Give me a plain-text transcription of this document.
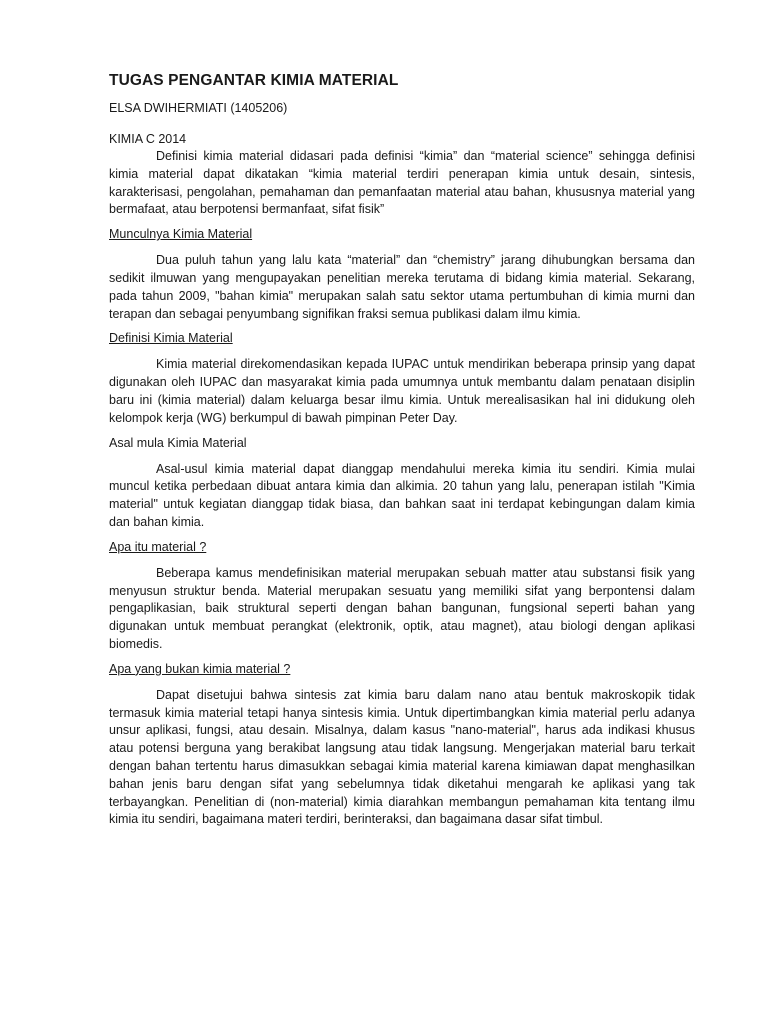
TUGAS PENGANTAR KIMIA MATERIAL

ELSA DWIHERMIATI (1405206)

KIMIA C 2014

Definisi kimia material didasari pada definisi “kimia” dan “material science” sehingga definisi kimia material dapat dikatakan “kimia material terdiri penerapan kimia untuk desain, sintesis, karakterisasi, pengolahan, pemahaman dan pemanfaatan material atau bahan, khususnya material yang bermafaat, atau berpotensi bermanfaat, sifat fisik”

Munculnya Kimia Material

Dua puluh tahun yang lalu kata “material” dan “chemistry” jarang dihubungkan bersama dan sedikit ilmuwan yang mengupayakan penelitian mereka terutama di bidang kimia material. Sekarang, pada tahun 2009, "bahan kimia" merupakan salah satu sektor utama pertumbuhan di kimia murni dan terapan dan sebagai penyumbang signifikan fraksi semua publikasi dalam ilmu kimia.

Definisi Kimia Material

Kimia material direkomendasikan kepada IUPAC untuk mendirikan beberapa prinsip yang dapat digunakan oleh IUPAC dan masyarakat kimia pada umumnya untuk membantu dalam penataan disiplin baru ini (kimia material) dalam keluarga besar ilmu kimia. Untuk merealisasikan hal ini didukung oleh kelompok kerja (WG) berkumpul di bawah pimpinan Peter Day.

Asal mula Kimia Material

Asal-usul kimia material dapat dianggap mendahului mereka kimia itu sendiri. Kimia mulai muncul ketika perbedaan dibuat antara kimia dan alkimia. 20 tahun yang lalu, penerapan istilah "Kimia material" untuk kegiatan dianggap tidak biasa, dan bahkan saat ini terdapat kebingungan dalam kimia dan bahan kimia.

Apa itu material ?

Beberapa kamus mendefinisikan material merupakan sebuah matter atau substansi fisik yang menyusun struktur benda. Material merupakan sesuatu yang memiliki sifat yang berpontensi dalam pengaplikasian, baik struktural seperti dengan bahan bangunan, fungsional seperti bahan yang digunakan untuk membuat perangkat (elektronik, optik, atau magnet), atau biologi dengan aplikasi biomedis.

Apa yang bukan kimia material ?

Dapat disetujui bahwa sintesis zat kimia baru dalam nano atau bentuk makroskopik tidak termasuk kimia material tetapi hanya sintesis kimia. Untuk dipertimbangkan kimia material perlu adanya unsur aplikasi, fungsi, atau desain. Misalnya, dalam kasus "nano-material", harus ada indikasi khusus atau potensi berguna yang berakibat langsung atau tidak langsung. Mengerjakan material baru terkait dengan bahan tertentu harus dimasukkan sebagai kimia material karena kimiawan dapat menghasilkan bahan jenis baru dengan sifat yang sebelumnya tidak diketahui mengarah ke aplikasi yang tak terbayangkan. Penelitian di (non-material) kimia diarahkan membangun pemahaman kita tentang ilmu kimia itu sendiri, bagaimana materi terdiri, berinteraksi, dan bagaimana dasar sifat timbul.
